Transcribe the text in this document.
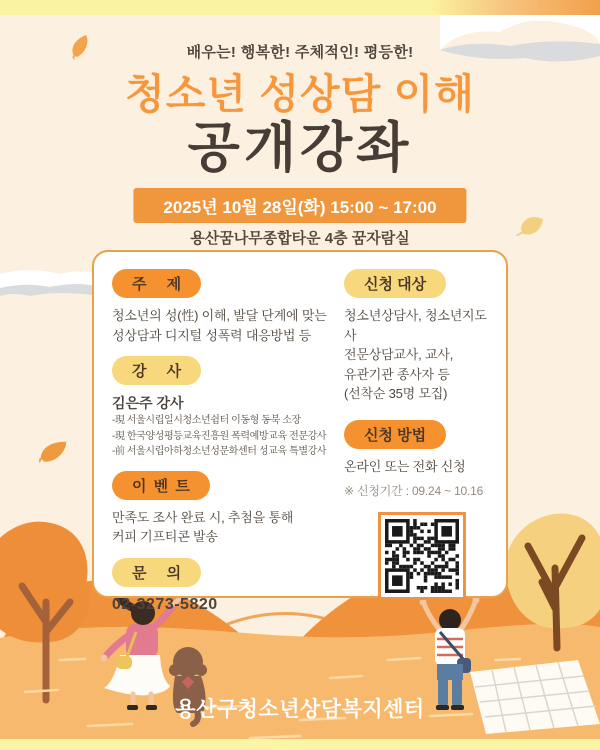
배우는! 행복한! 주체적인! 평등한!
청소년 성상담 이해
공개강좌
2025년 10월 28일(화) 15:00 ~ 17:00
용산꿈나무종합타운 4층 꿈자람실
주 제
청소년의 성(性) 이해, 발달 단계에 맞는
성상담과 디지털 성폭력 대응방법 등
강 사
김은주 강사
-現 서울시립일시청소년쉼터 이동형 동북 소장
-現 한국양성평등교육진흥원 폭력예방교육 전문강사
-前 서울시립아하청소년성문화센터 성교육 특별강사
이 벤 트
만족도 조사 완료 시, 추첨을 통해
커피 기프티콘 발송
문 의
02-3273-5820
신청 대상
청소년상담사, 청소년지도사
전문상담교사, 교사,
유관기관 종사자 등
(선착순 35명 모집)
신청 방법
온라인 또는 전화 신청
※ 신청기간 : 09.24 ~ 10.16
용산구청소년상담복지센터
